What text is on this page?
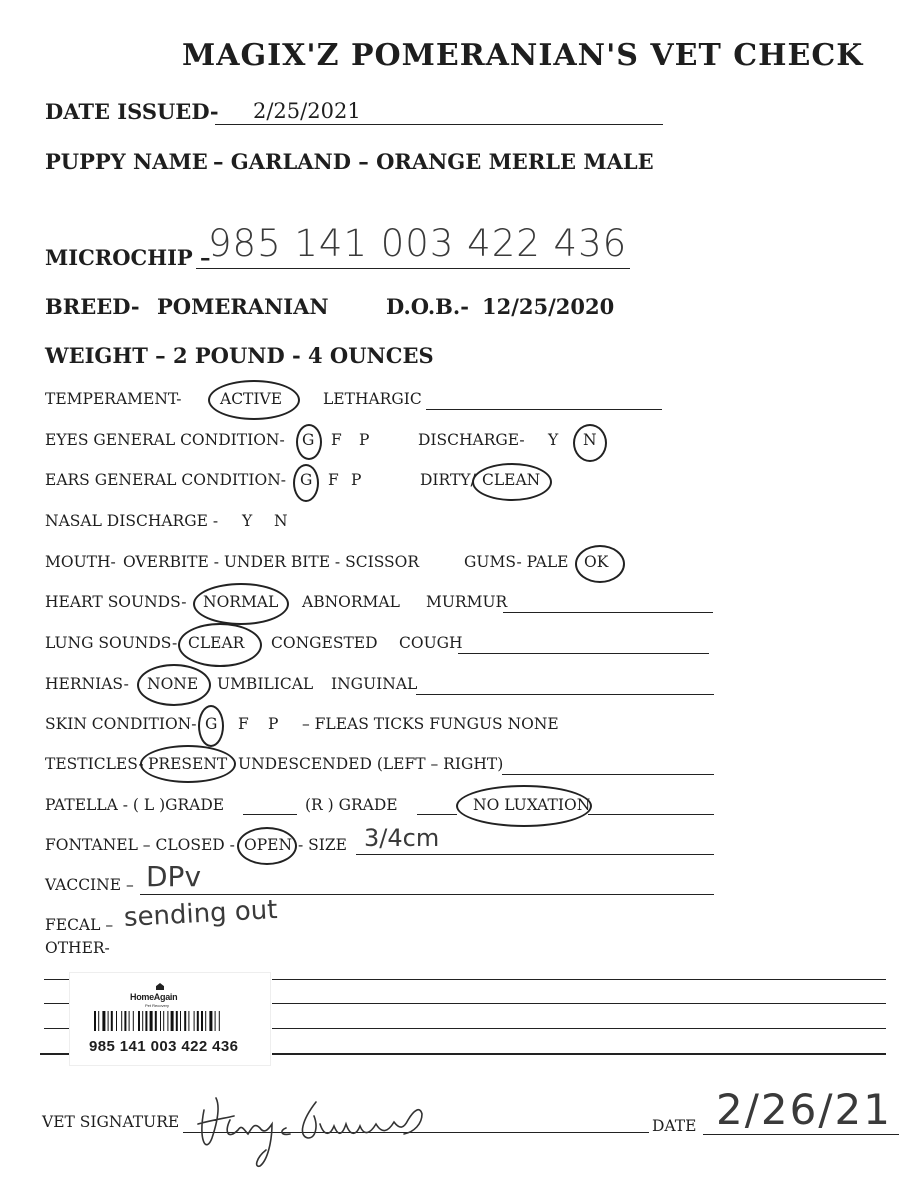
MAGIX'Z POMERANIAN'S VET CHECK
DATE ISSUED- 2/25/2021
PUPPY NAME – GARLAND – ORANGE MERLE MALE
MICROCHIP –
985 141 003 422 436
BREED- POMERANIAN	D.O.B.- 12/25/2020
WEIGHT – 2 POUND - 4 OUNCES
TEMPERAMENT- ACTIVE	LETHARGIC
EYES GENERAL CONDITION- G F P	DISCHARGE- Y N
EARS GENERAL CONDITION- G F P	DIRTY/ CLEAN
NASAL DISCHARGE - Y N
MOUTH- OVERBITE - UNDER BITE - SCISSOR	GUMS- PALE OK
HEART SOUNDS- NORMAL ABNORMAL MURMUR
LUNG SOUNDS- CLEAR CONGESTED COUGH
HERNIAS- NONE UMBILICAL INGUINAL
SKIN CONDITION- G F P – FLEAS TICKS FUNGUS NONE
TESTICLES- PRESENT UNDESCENDED (LEFT – RIGHT)
PATELLA - ( L )GRADE	(R ) GRADE	NO LUXATION
FONTANEL – CLOSED - OPEN - SIZE 3/4cm
VACCINE – DPv
FECAL – sending out
OTHER-
HomeAgain
Pet Recovery
985 141 003 422 436
VET SIGNATURE	DATE 2/26/21
